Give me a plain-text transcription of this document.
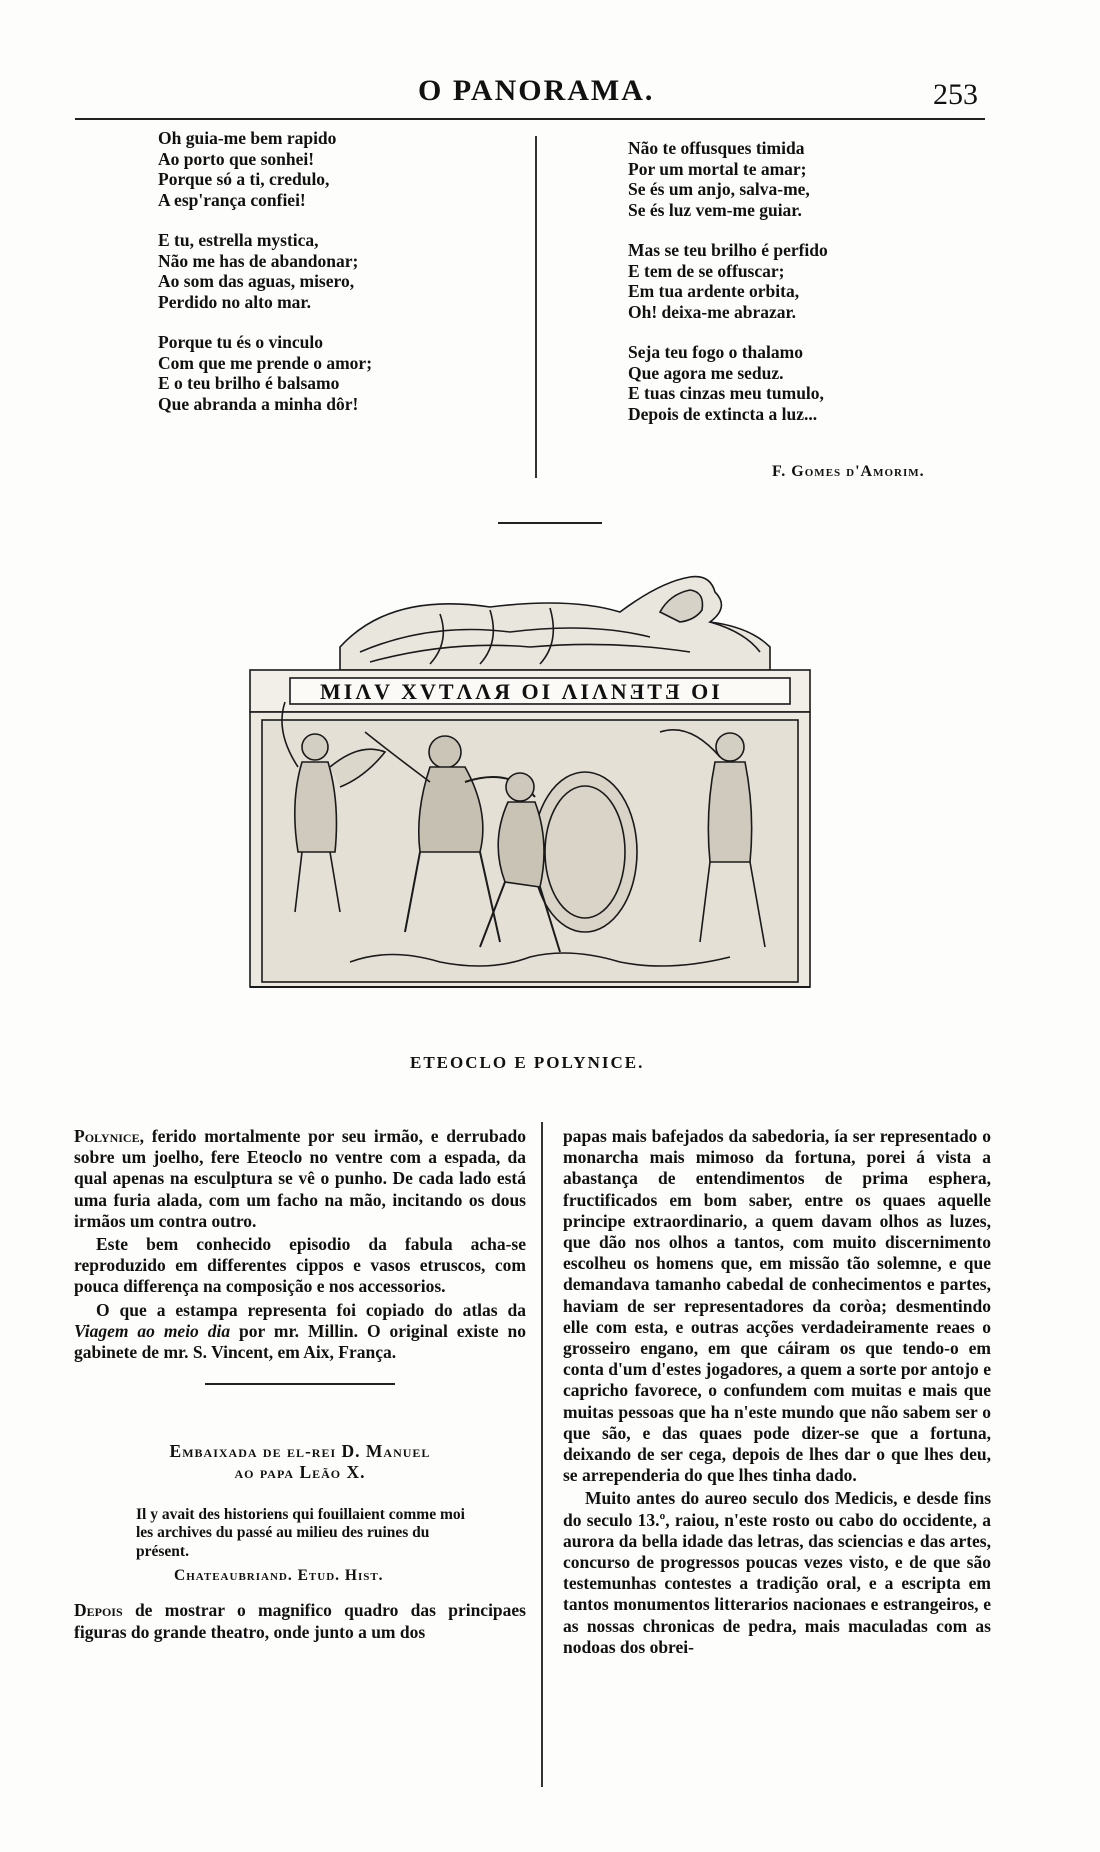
O PANORAMA.	253
Oh guia-me bem rapido
Ao porto que sonhei!
Porque só a ti, credulo,
A esp'rança confiei!
E tu, estrella mystica,
Não me has de abandonar;
Ao som das aguas, misero,
Perdido no alto mar.
Porque tu és o vinculo
Com que me prende o amor;
E o teu brilho é balsamo
Que abranda a minha dôr!
Não te offusques timida
Por um mortal te amar;
Se és um anjo, salva-me,
Se és luz vem-me guiar.
Mas se teu brilho é perfido
E tem de se offuscar;
Em tua ardente orbita,
Oh! deixa-me abrazar.
Seja teu fogo o thalamo
Que agora me seduz.
E tuas cinzas meu tumulo,
Depois de extincta a luz...
F. Gomes d'Amorim.
MIΛV XVTΛΛЯ OI ΛIΛNƎTƎ OI
ETEOCLO E POLYNICE.

Polynice, ferido mortalmente por seu irmão, e derrubado sobre um joelho, fere Eteoclo no ventre com a espada, da qual apenas na esculptura se vê o punho. De cada lado está uma furia alada, com um facho na mão, incitando os dous irmãos um contra outro.

Este bem conhecido episodio da fabula acha-se reproduzido em differentes cippos e vasos etruscos, com pouca differença na composição e nos accessorios.

O que a estampa representa foi copiado do atlas da Viagem ao meio dia por mr. Millin. O original existe no gabinete de mr. S. Vincent, em Aix, França.

Embaixada de el-rei D. Manuel
ao papa Leão X.
Il y avait des historiens qui fouillaient comme moi les archives du passé au milieu des ruines du présent.
Chateaubriand. Etud. Hist.

Depois de mostrar o magnifico quadro das principaes figuras do grande theatro, onde junto a um dos

papas mais bafejados da sabedoria, ía ser representado o monarcha mais mimoso da fortuna, porei á vista a abastança de entendimentos de prima esphera, fructificados em bom saber, entre os quaes aquelle principe extraordinario, a quem davam olhos as luzes, que dão nos olhos a tantos, com muito discernimento escolheu os homens que, em missão tão solemne, e que demandava tamanho cabedal de conhecimentos e partes, haviam de ser representadores da coròa; desmentindo elle com esta, e outras acções verdadeiramente reaes o grosseiro engano, em que cáiram os que tendo-o em conta d'um d'estes jogadores, a quem a sorte por antojo e capricho favorece, o confundem com muitas e mais que muitas pessoas que ha n'este mundo que não sabem ser o que são, e das quaes pode dizer-se que a fortuna, deixando de ser cega, depois de lhes dar o que lhes deu, se arrependeria do que lhes tinha dado.

Muito antes do aureo seculo dos Medicis, e desde fins do seculo 13.º, raiou, n'este rosto ou cabo do occidente, a aurora da bella idade das letras, das sciencias e das artes, concurso de progressos poucas vezes visto, e de que são testemunhas contestes a tradição oral, e a escripta em tantos monumentos litterarios nacionaes e estrangeiros, e as nossas chronicas de pedra, mais maculadas com as nodoas dos obrei-
